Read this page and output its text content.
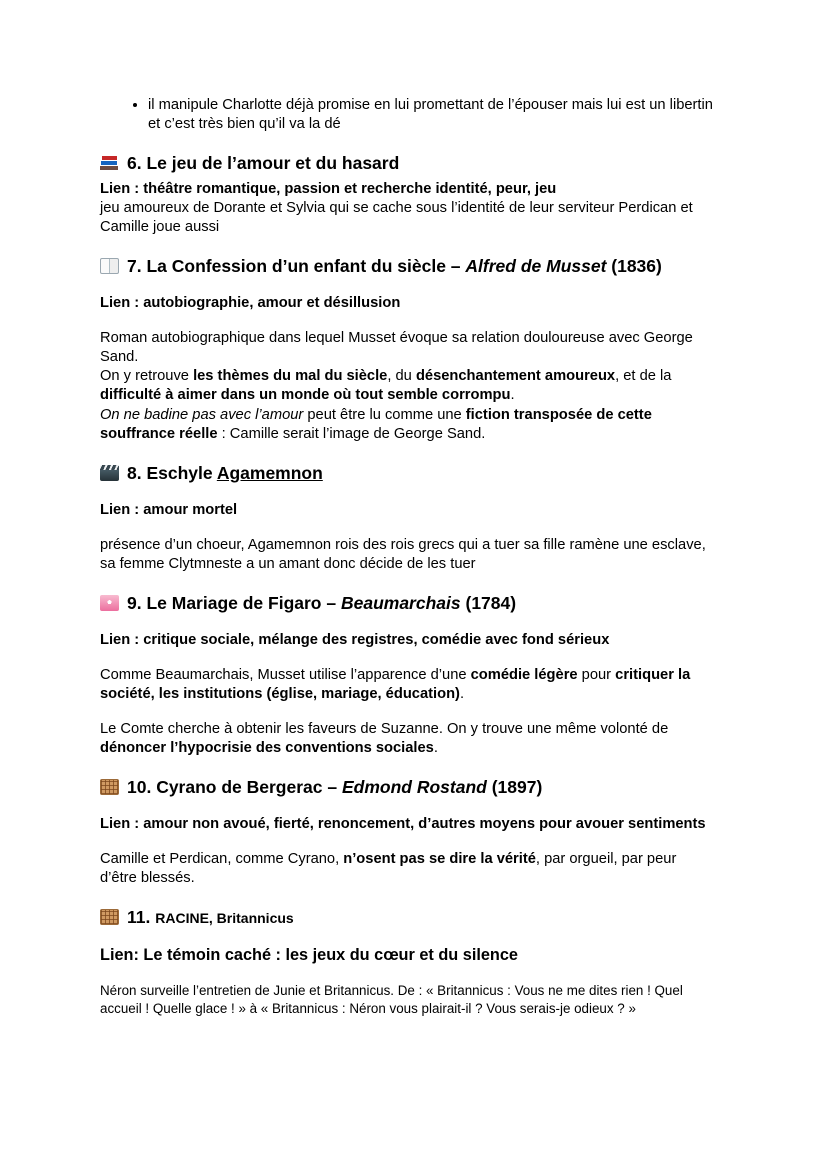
• il manipule Charlotte déjà promise en lui promettant de l’épouser mais lui est un libertin et c’est très bien qu’il va la dé

6. Le jeu de l’amour et du hasard

Lien : théâtre romantique, passion et recherche identité, peur, jeu
jeu amoureux de Dorante et Sylvia qui se cache sous l’identité de leur serviteur Perdican et Camille joue aussi

7. La Confession d’un enfant du siècle – Alfred de Musset (1836)

Lien : autobiographie, amour et désillusion

Roman autobiographique dans lequel Musset évoque sa relation douloureuse avec George Sand.
On y retrouve les thèmes du mal du siècle, du désenchantement amoureux, et de la difficulté à aimer dans un monde où tout semble corrompu.
On ne badine pas avec l’amour peut être lu comme une fiction transposée de cette souffrance réelle : Camille serait l’image de George Sand.

8. Eschyle Agamemnon

Lien : amour mortel

présence d’un choeur, Agamemnon rois des rois grecs qui a tuer sa fille ramène une esclave, sa femme Clytmneste a un amant donc décide de les tuer

9. Le Mariage de Figaro – Beaumarchais (1784)

Lien : critique sociale, mélange des registres, comédie avec fond sérieux

Comme Beaumarchais, Musset utilise l’apparence d’une comédie légère pour critiquer la société, les institutions (église, mariage, éducation).

Le Comte cherche à obtenir les faveurs de Suzanne. On y trouve une même volonté de dénoncer l’hypocrisie des conventions sociales.

10. Cyrano de Bergerac – Edmond Rostand (1897)

Lien : amour non avoué, fierté, renoncement, d’autres moyens pour avouer sentiments

Camille et Perdican, comme Cyrano, n’osent pas se dire la vérité, par orgueil, par peur d’être blessés.

11. RACINE, Britannicus

Lien: Le témoin caché : les jeux du cœur et du silence

Néron surveille l’entretien de Junie et Britannicus. De : « Britannicus : Vous ne me dites rien ! Quel accueil ! Quelle glace ! » à « Britannicus : Néron vous plairait-il ? Vous serais-je odieux ? »
